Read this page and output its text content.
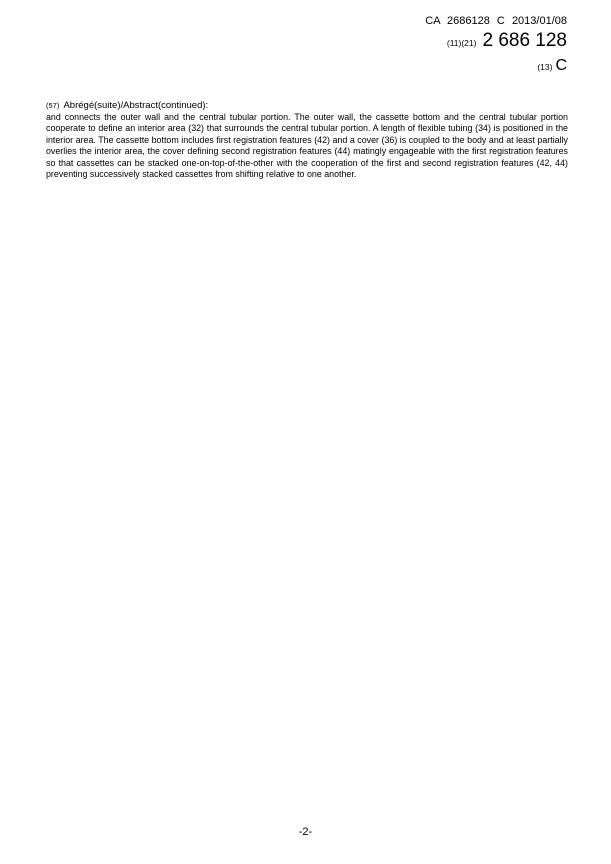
CA 2686128 C 2013/01/08
(11)(21) 2 686 128
(13) C
(57) Abrégé(suite)/Abstract(continued):

and connects the outer wall and the central tubular portion. The outer wall, the cassette bottom and the central tubular portion cooperate to define an interior area (32) that surrounds the central tubular portion. A length of flexible tubing (34) is positioned in the interior area. The cassette bottom includes first registration features (42) and a cover (36) is coupled to the body and at least partially overlies the interior area, the cover defining second registration features (44) matingly engageable with the first registration features so that cassettes can be stacked one-on-top-of-the-other with the cooperation of the first and second registration features (42, 44) preventing successively stacked cassettes from shifting relative to one another.

-2-
